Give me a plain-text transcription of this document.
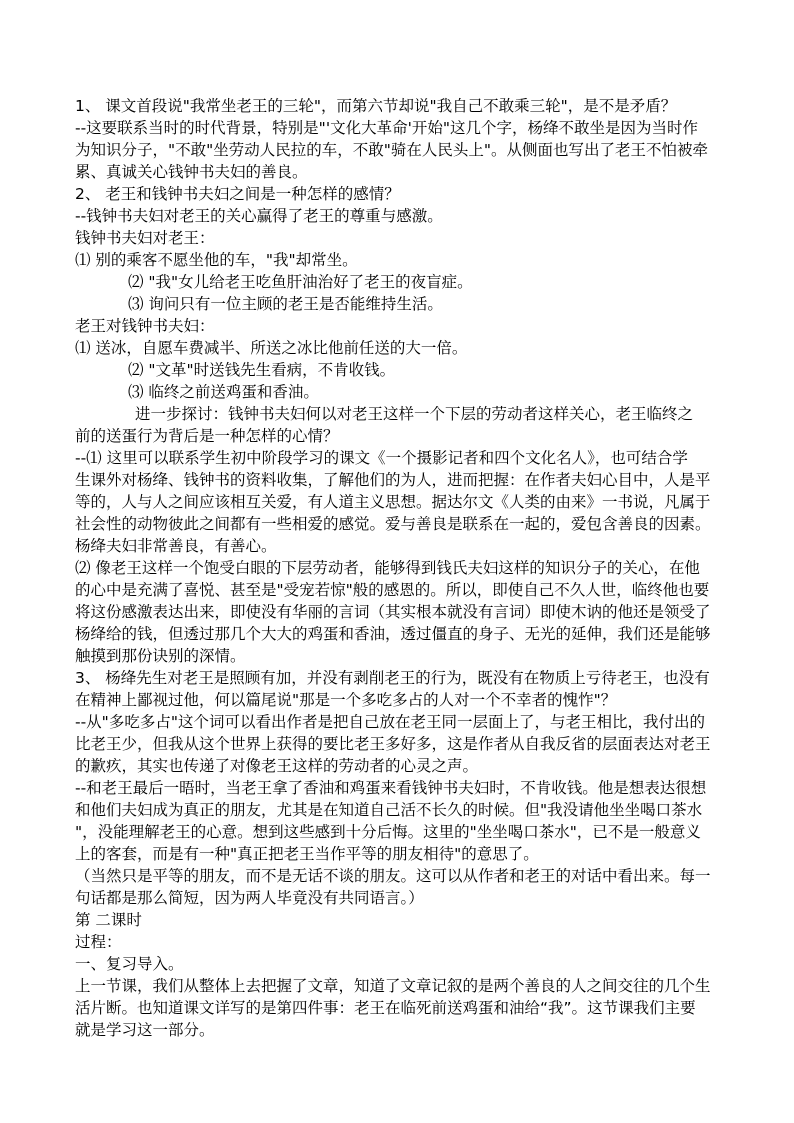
1、 课文首段说"我常坐老王的三轮"，而第六节却说"我自己不敢乘三轮"，是不是矛盾？
--这要联系当时的时代背景，特别是"'文化大革命'开始"这几个字，杨绛不敢坐是因为当时作
为知识分子，"不敢"坐劳动人民拉的车，不敢"骑在人民头上"。从侧面也写出了老王不怕被牵
累、真诚关心钱钟书夫妇的善良。
2、 老王和钱钟书夫妇之间是一种怎样的感情？
--钱钟书夫妇对老王的关心赢得了老王的尊重与感激。
钱钟书夫妇对老王：
⑴ 别的乘客不愿坐他的车，"我"却常坐。
⑵ "我"女儿给老王吃鱼肝油治好了老王的夜盲症。
⑶ 询问只有一位主顾的老王是否能维持生活。
老王对钱钟书夫妇：
⑴ 送冰，自愿车费减半、所送之冰比他前任送的大一倍。
⑵ "文革"时送钱先生看病，不肯收钱。
⑶ 临终之前送鸡蛋和香油。
进一步探讨：钱钟书夫妇何以对老王这样一个下层的劳动者这样关心，老王临终之
前的送蛋行为背后是一种怎样的心情？
--⑴ 这里可以联系学生初中阶段学习的课文《一个摄影记者和四个文化名人》，也可结合学
生课外对杨绛、钱钟书的资料收集，了解他们的为人，进而把握：在作者夫妇心目中，人是平
等的，人与人之间应该相互关爱，有人道主义思想。据达尔文《人类的由来》一书说，凡属于
社会性的动物彼此之间都有一些相爱的感觉。爱与善良是联系在一起的，爱包含善良的因素。
杨绛夫妇非常善良，有善心。
⑵ 像老王这样一个饱受白眼的下层劳动者，能够得到钱氏夫妇这样的知识分子的关心，在他
的心中是充满了喜悦、甚至是"受宠若惊"般的感恩的。所以，即使自己不久人世，临终他也要
将这份感激表达出来，即使没有华丽的言词（其实根本就没有言词）即使木讷的他还是领受了
杨绛给的钱，但透过那几个大大的鸡蛋和香油，透过僵直的身子、无光的延伸，我们还是能够
触摸到那份诀别的深情。
3、 杨绛先生对老王是照顾有加，并没有剥削老王的行为，既没有在物质上亏待老王，也没有
在精神上鄙视过他，何以篇尾说"那是一个多吃多占的人对一个不幸者的愧怍"？
--从"多吃多占"这个词可以看出作者是把自己放在老王同一层面上了，与老王相比，我付出的
比老王少，但我从这个世界上获得的要比老王多好多，这是作者从自我反省的层面表达对老王
的歉疚，其实也传递了对像老王这样的劳动者的心灵之声。
--和老王最后一晤时，当老王拿了香油和鸡蛋来看钱钟书夫妇时，不肯收钱。他是想表达很想
和他们夫妇成为真正的朋友，尤其是在知道自己活不长久的时候。但"我没请他坐坐喝口茶水
"，没能理解老王的心意。想到这些感到十分后悔。这里的"坐坐喝口茶水"，已不是一般意义
上的客套，而是有一种"真正把老王当作平等的朋友相待"的意思了。
（当然只是平等的朋友，而不是无话不谈的朋友。这可以从作者和老王的对话中看出来。每一
句话都是那么简短，因为两人毕竟没有共同语言。）
第 二课时
过程：
一、复习导入。
上一节课，我们从整体上去把握了文章，知道了文章记叙的是两个善良的人之间交往的几个生
活片断。也知道课文详写的是第四件事：老王在临死前送鸡蛋和油给“我”。这节课我们主要
就是学习这一部分。
